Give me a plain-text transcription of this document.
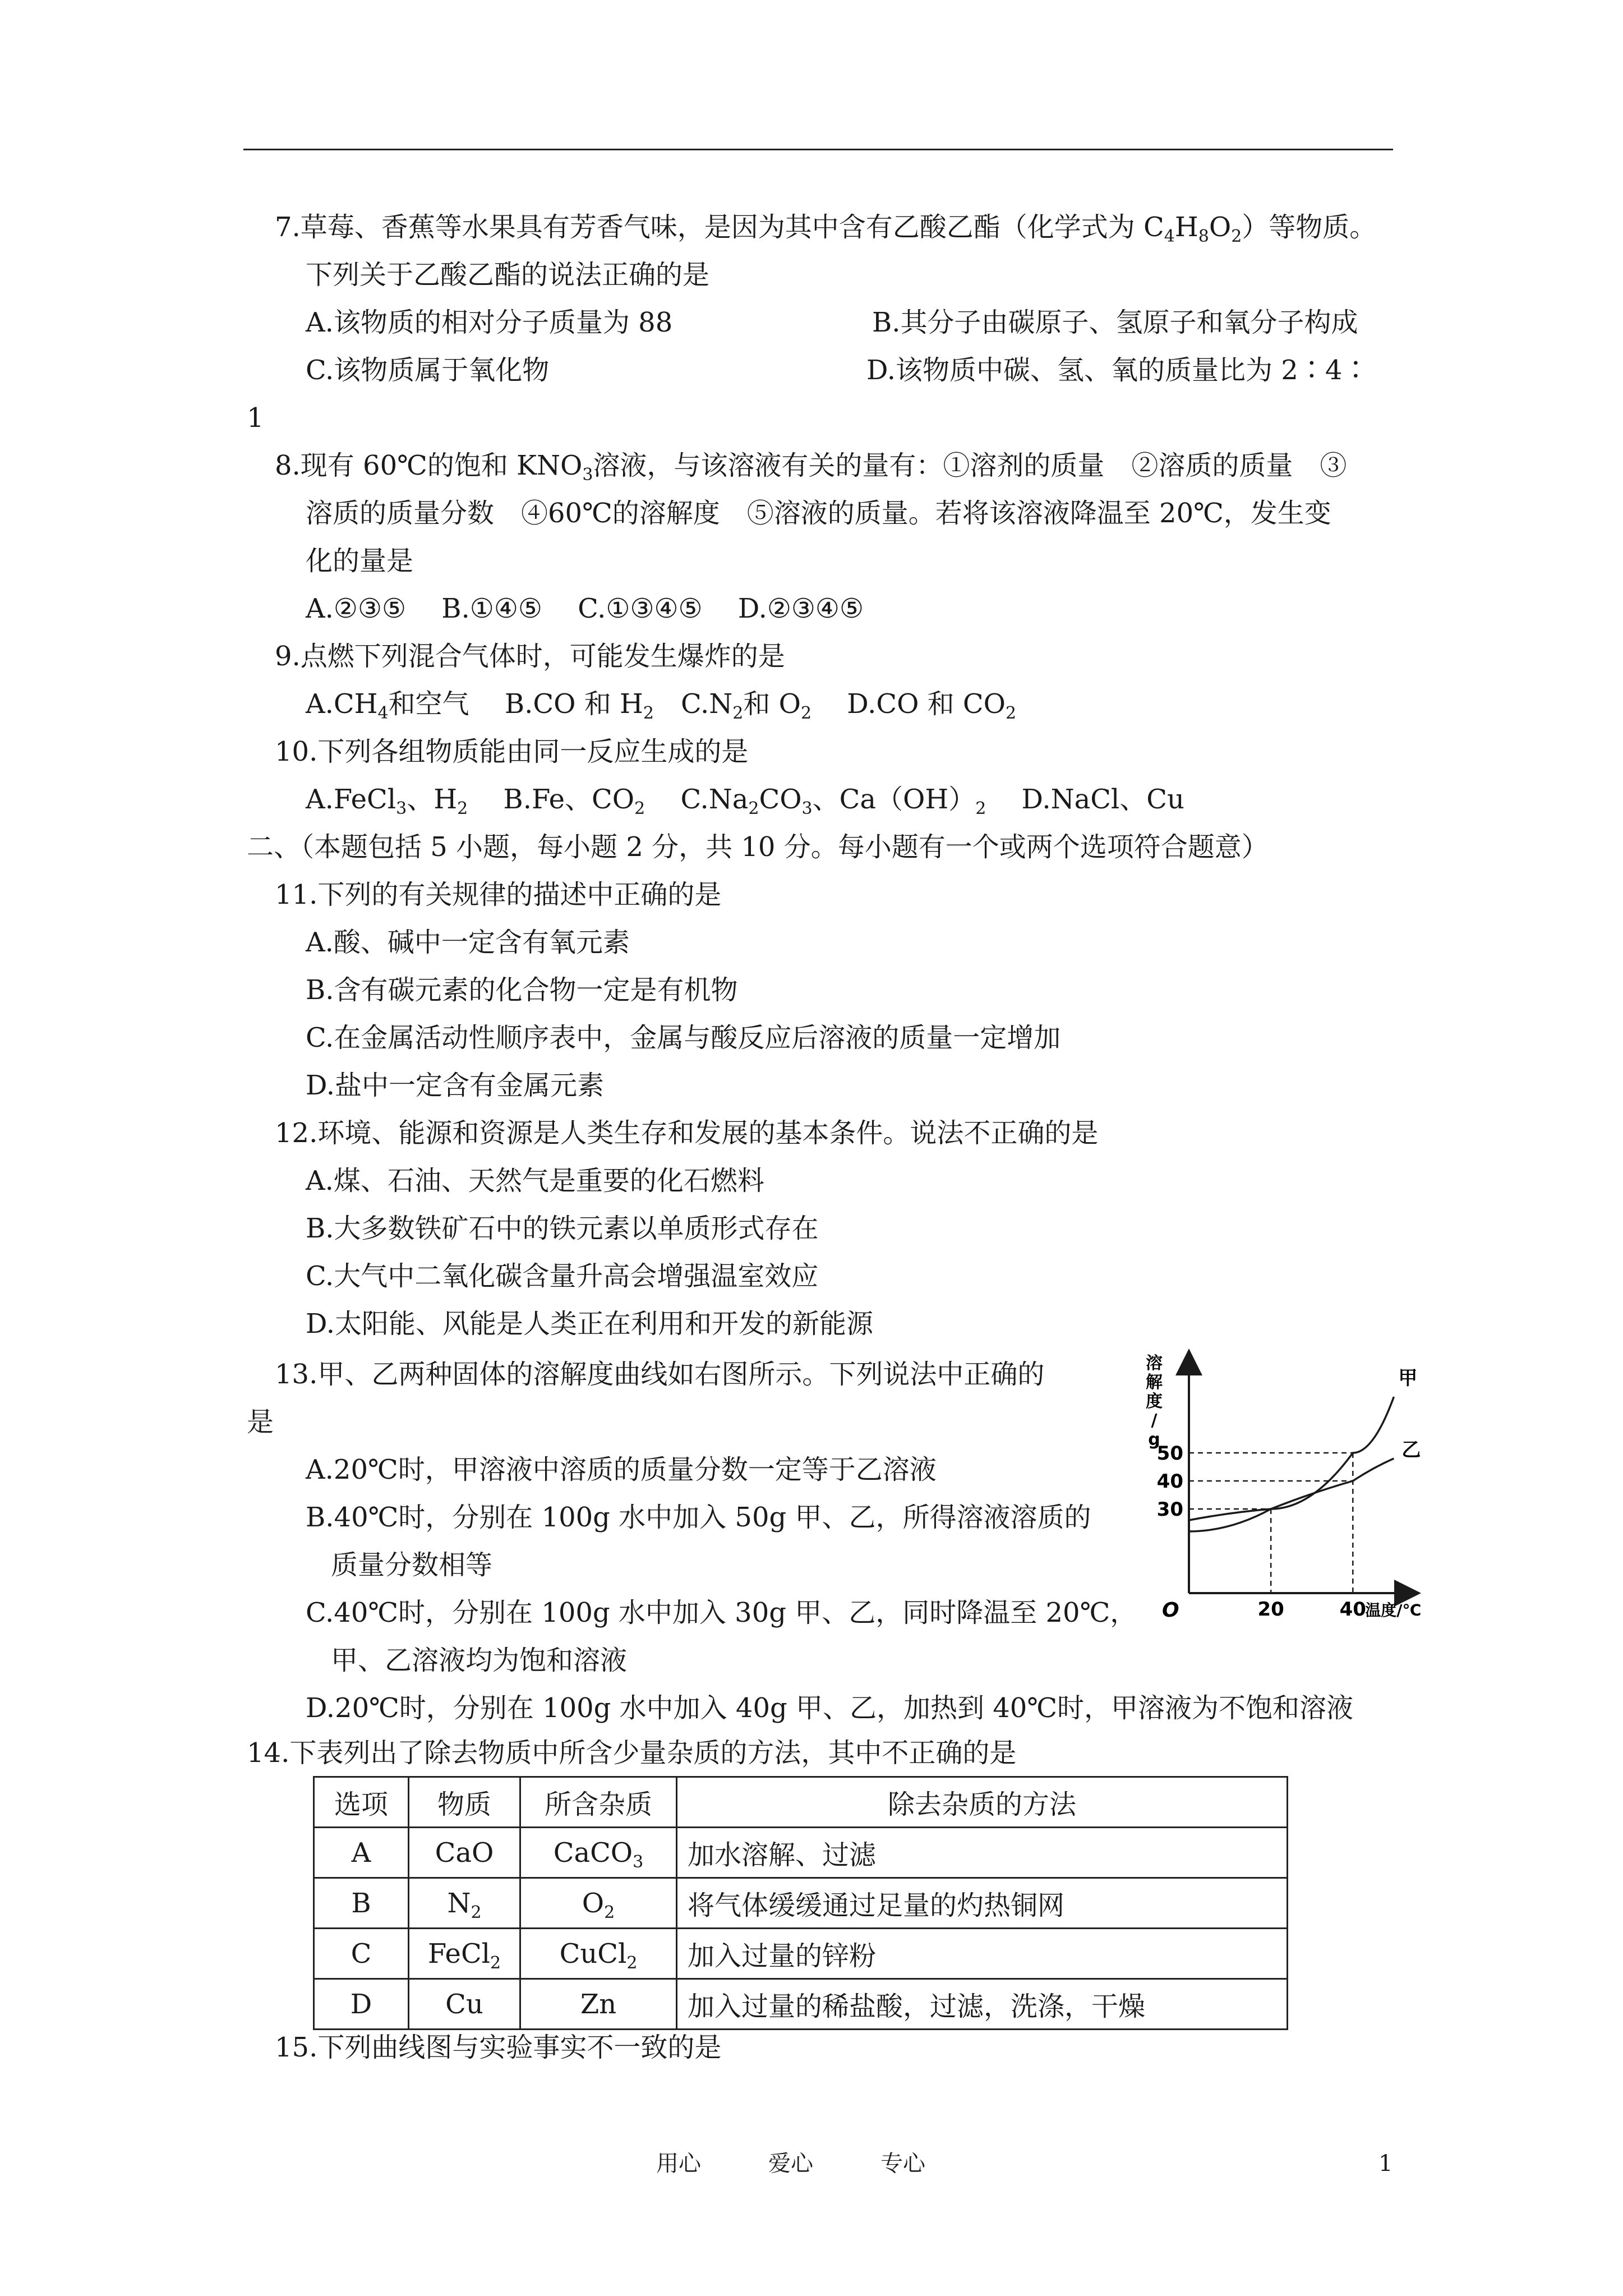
7.草莓、香蕉等水果具有芳香气味，是因为其中含有乙酸乙酯（化学式为 $C_4H_8O_2$）等物质。
下列关于乙酸乙酯的说法正确的是
A.该物质的相对分子质量为 88	B.其分子由碳原子、氢原子和氧分子构成
C.该物质属于氧化物	D.该物质中碳、氢、氧的质量比为 2∶4∶
1
8.现有 60℃的饱和 $KNO_3$溶液，与该溶液有关的量有：①溶剂的质量　②溶质的质量　③
溶质的质量分数　④60℃的溶解度　⑤溶液的质量。若将该溶液降温至 20℃，发生变
化的量是
A.②③⑤　 B.①④⑤　 C.①③④⑤　 D.②③④⑤
9.点燃下列混合气体时，可能发生爆炸的是
$A.CH_4$和空气　 B.CO 和 $H_2$　$C.N_2$和 $O_2$　 D.CO 和 $CO_2$
10.下列各组物质能由同一反应生成的是
A.FeCl$_3$、$H_2$　 B.Fe、$CO_2$　 $C.Na_2CO_3$、$Ca(OH)_2$　 D.NaCl、Cu
二、（本题包括 5 小题，每小题 2 分，共 10 分。每小题有一个或两个选项符合题意）
11.下列的有关规律的描述中正确的是
A.酸、碱中一定含有氧元素
B.含有碳元素的化合物一定是有机物
C.在金属活动性顺序表中，金属与酸反应后溶液的质量一定增加
D.盐中一定含有金属元素
12.环境、能源和资源是人类生存和发展的基本条件。说法不正确的是
A.煤、石油、天然气是重要的化石燃料
B.大多数铁矿石中的铁元素以单质形式存在
C.大气中二氧化碳含量升高会增强温室效应
D.太阳能、风能是人类正在利用和开发的新能源
13.甲、乙两种固体的溶解度曲线如右图所示。下列说法中正确的
是
A.20℃时，甲溶液中溶质的质量分数一定等于乙溶液
B.40℃时，分别在 100g 水中加入 50g 甲、乙，所得溶液溶质的
质量分数相等
C.40℃时，分别在 100g 水中加入 30g 甲、乙，同时降温至 20℃，
甲、乙溶液均为饱和溶液
D.20℃时，分别在 100g 水中加入 40g 甲、乙，加热到 40℃时，甲溶液为不饱和溶液
甲
乙
30
40
50
20	40
O	温度/℃
溶
解
度
/
g
14.下表列出了除去物质中所含少量杂质的方法，其中不正确的是
选项	物质	所含杂质	除去杂质的方法
A	CaO	CaCO$_3$	加水溶解、过滤
B	$N_2$	$O_2$	将气体缓缓通过足量的灼热铜网
C	FeCl$_2$	CuCl$_2$	加入过量的锌粉
D	Cu	Zn	加入过量的稀盐酸，过滤，洗涤，干燥
15.下列曲线图与实验事实不一致的是
用心	爱心	专心	1
